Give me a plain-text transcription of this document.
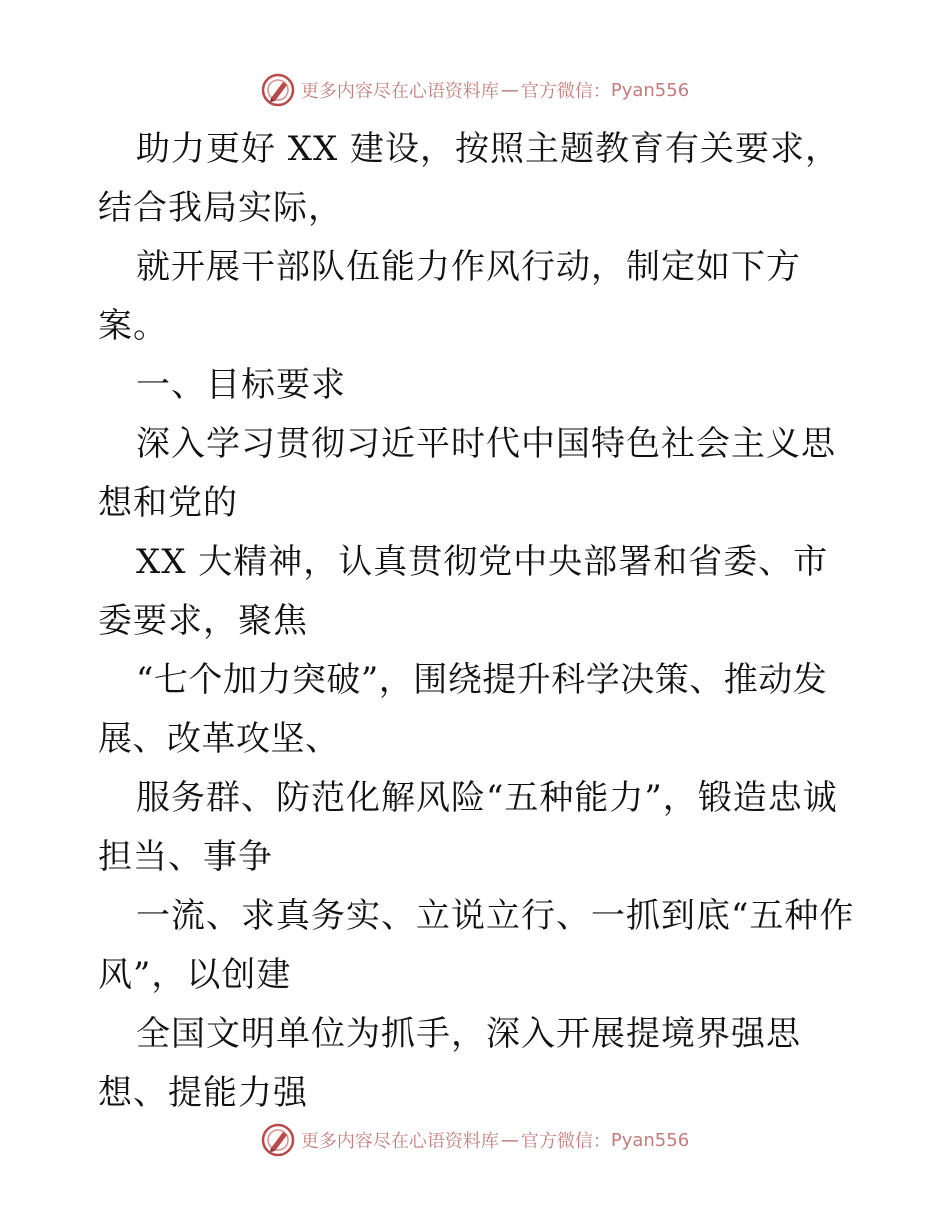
更多内容尽在心语资料库 — 官方微信： Pyan556

助力更好 XX 建设，按照主题教育有关要求，结合我局实际，

就开展干部队伍能力作风行动，制定如下方案。

一、目标要求

深入学习贯彻习近平时代中国特色社会主义思想和党的

XX 大精神，认真贯彻党中央部署和省委、市委要求，聚焦

“七个加力突破”，围绕提升科学决策、推动发展、改革攻坚、

服务群、防范化解风险“五种能力”，锻造忠诚担当、事争

一流、求真务实、立说立行、一抓到底“五种作风”，以创建

全国文明单位为抓手，深入开展提境界强思想、提能力强

更多内容尽在心语资料库 — 官方微信： Pyan556
